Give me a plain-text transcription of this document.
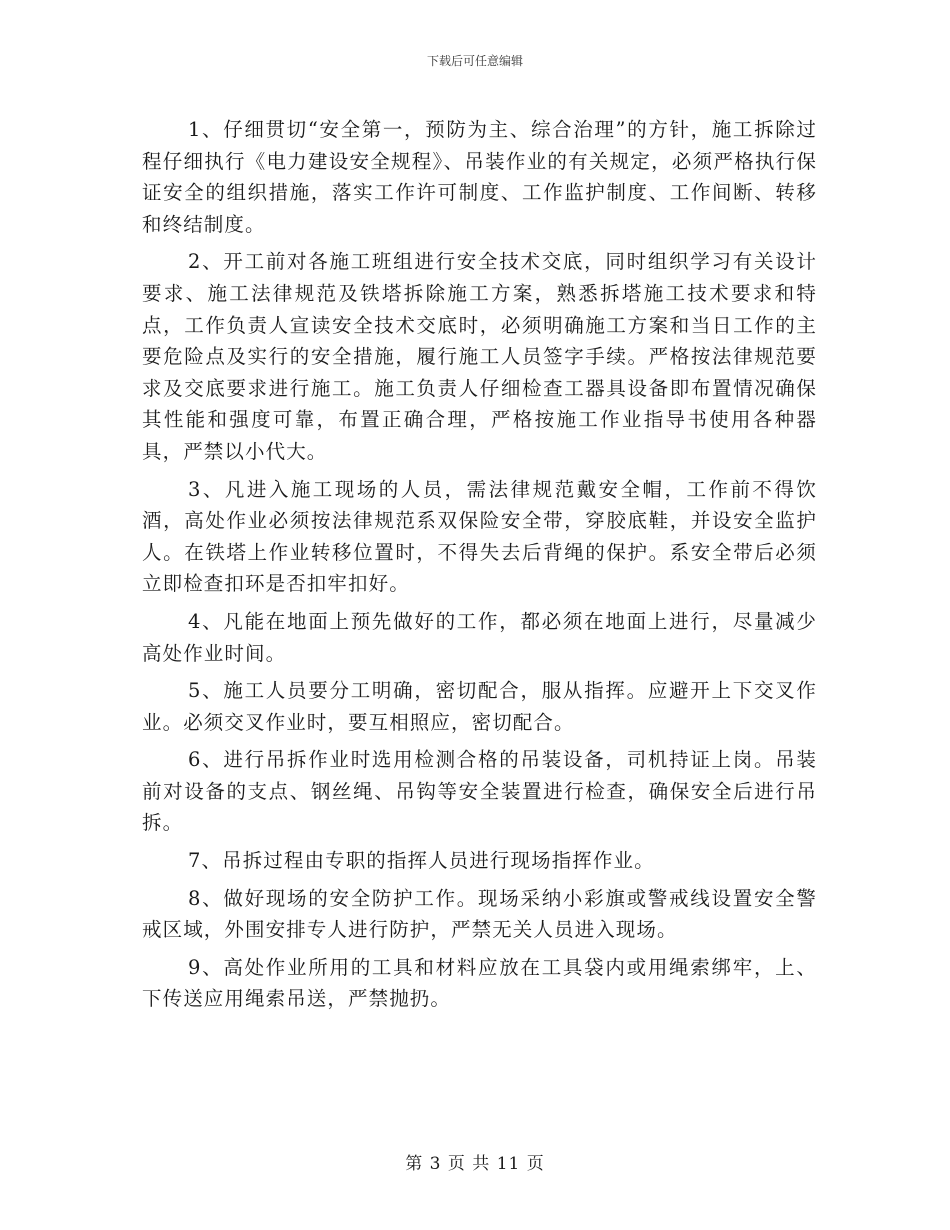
下载后可任意编辑

1、仔细贯切“安全第一，预防为主、综合治理”的方针，施工拆除过程仔细执行《电力建设安全规程》、吊装作业的有关规定，必须严格执行保证安全的组织措施，落实工作许可制度、工作监护制度、工作间断、转移和终结制度。

2、开工前对各施工班组进行安全技术交底，同时组织学习有关设计要求、施工法律规范及铁塔拆除施工方案，熟悉拆塔施工技术要求和特点，工作负责人宣读安全技术交底时，必须明确施工方案和当日工作的主要危险点及实行的安全措施，履行施工人员签字手续。严格按法律规范要求及交底要求进行施工。施工负责人仔细检查工器具设备即布置情况确保其性能和强度可靠，布置正确合理，严格按施工作业指导书使用各种器具，严禁以小代大。

3、凡进入施工现场的人员，需法律规范戴安全帽，工作前不得饮酒，高处作业必须按法律规范系双保险安全带，穿胶底鞋，并设安全监护人。在铁塔上作业转移位置时，不得失去后背绳的保护。系安全带后必须立即检查扣环是否扣牢扣好。

4、凡能在地面上预先做好的工作，都必须在地面上进行，尽量减少高处作业时间。

5、施工人员要分工明确，密切配合，服从指挥。应避开上下交叉作业。必须交叉作业时，要互相照应，密切配合。

6、进行吊拆作业时选用检测合格的吊装设备，司机持证上岗。吊装前对设备的支点、钢丝绳、吊钩等安全装置进行检查，确保安全后进行吊拆。

7、吊拆过程由专职的指挥人员进行现场指挥作业。

8、做好现场的安全防护工作。现场采纳小彩旗或警戒线设置安全警戒区域，外围安排专人进行防护，严禁无关人员进入现场。

9、高处作业所用的工具和材料应放在工具袋内或用绳索绑牢，上、下传送应用绳索吊送，严禁抛扔。

第 3 页 共 11 页
